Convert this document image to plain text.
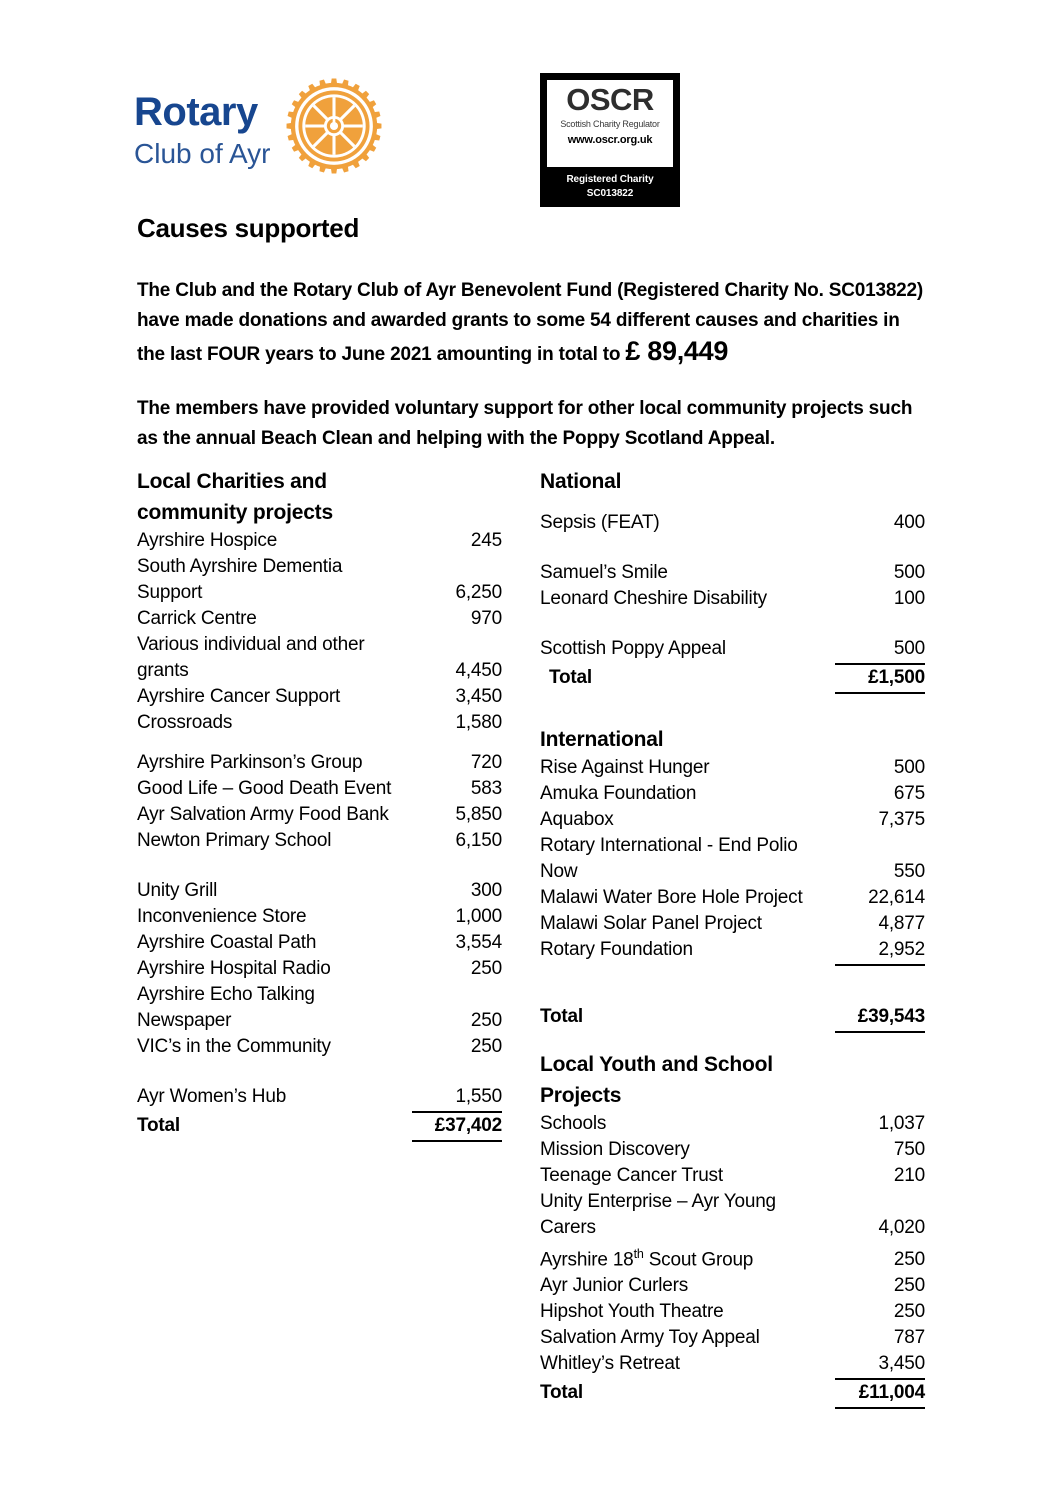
Rotary
Club of Ayr
OSCR
Scottish Charity Regulator
www.oscr.org.uk
Registered Charity
SC013822
Causes supported
The Club and the Rotary Club of Ayr Benevolent Fund (Registered Charity No. SC013822) have made donations and awarded grants to some 54 different causes and charities in the last FOUR years to June 2021 amounting in total to £ 89,449
The members have provided voluntary support for other local community projects such as the annual Beach Clean and helping with the Poppy Scotland Appeal.
Local Charities and
community projects
Ayrshire Hospice	245
South Ayrshire Dementia
Support	6,250
Carrick Centre	970
Various individual and other
grants	4,450
Ayrshire Cancer Support	3,450
Crossroads	1,580
Ayrshire Parkinson’s Group	720
Good Life – Good Death Event	583
Ayr Salvation Army Food Bank	5,850
Newton Primary School	6,150
Unity Grill	300
Inconvenience Store	1,000
Ayrshire Coastal Path	3,554
Ayrshire Hospital Radio	250
Ayrshire Echo Talking
Newspaper	250
VIC’s in the Community	250
Ayr Women’s Hub	1,550
Total	£37,402
National
Sepsis (FEAT)	400
Samuel’s Smile	500
Leonard Cheshire Disability	100
Scottish Poppy Appeal	500
Total	£1,500
International
Rise Against Hunger	500
Amuka Foundation	675
Aquabox	7,375
Rotary International - End Polio
Now	550
Malawi Water Bore Hole Project	22,614
Malawi Solar Panel Project	4,877
Rotary Foundation	2,952
Total	£39,543
Local Youth and School
Projects
Schools	1,037
Mission Discovery	750
Teenage Cancer Trust	210
Unity Enterprise – Ayr Young
Carers	4,020
Ayrshire 18th Scout Group	250
Ayr Junior Curlers	250
Hipshot Youth Theatre	250
Salvation Army Toy Appeal	787
Whitley’s Retreat	3,450
Total	£11,004
